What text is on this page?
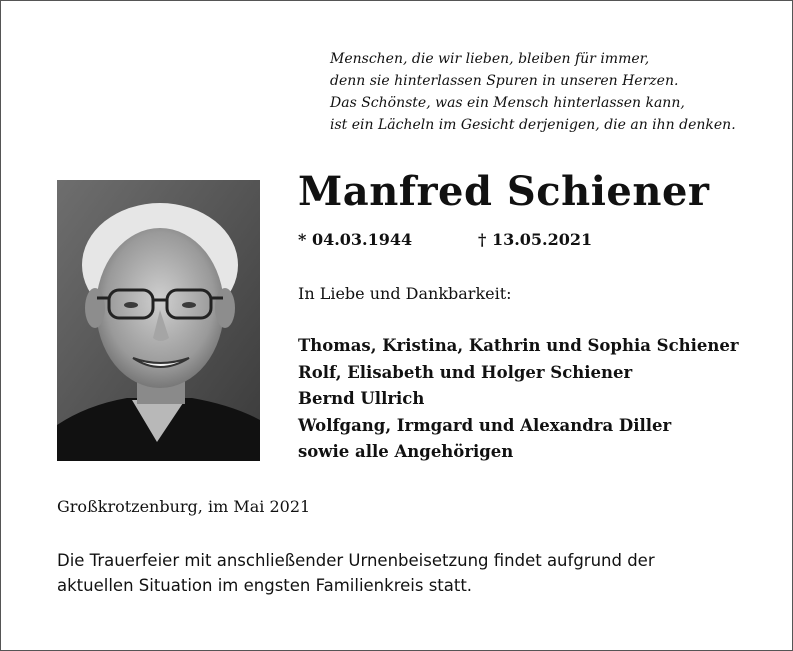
Menschen, die wir lieben, bleiben für immer,
denn sie hinterlassen Spuren in unseren Herzen.
Das Schönste, was ein Mensch hinterlassen kann,
ist ein Lächeln im Gesicht derjenigen, die an ihn denken.
Manfred Schiener
* 04.03.1944	† 13.05.2021
In Liebe und Dankbarkeit:
Thomas, Kristina, Kathrin und Sophia Schiener
Rolf, Elisabeth und Holger Schiener
Bernd Ullrich
Wolfgang, Irmgard und Alexandra Diller
sowie alle Angehörigen
Großkrotzenburg, im Mai 2021
Die Trauerfeier mit anschließender Urnenbeisetzung findet aufgrund der
aktuellen Situation im engsten Familienkreis statt.
